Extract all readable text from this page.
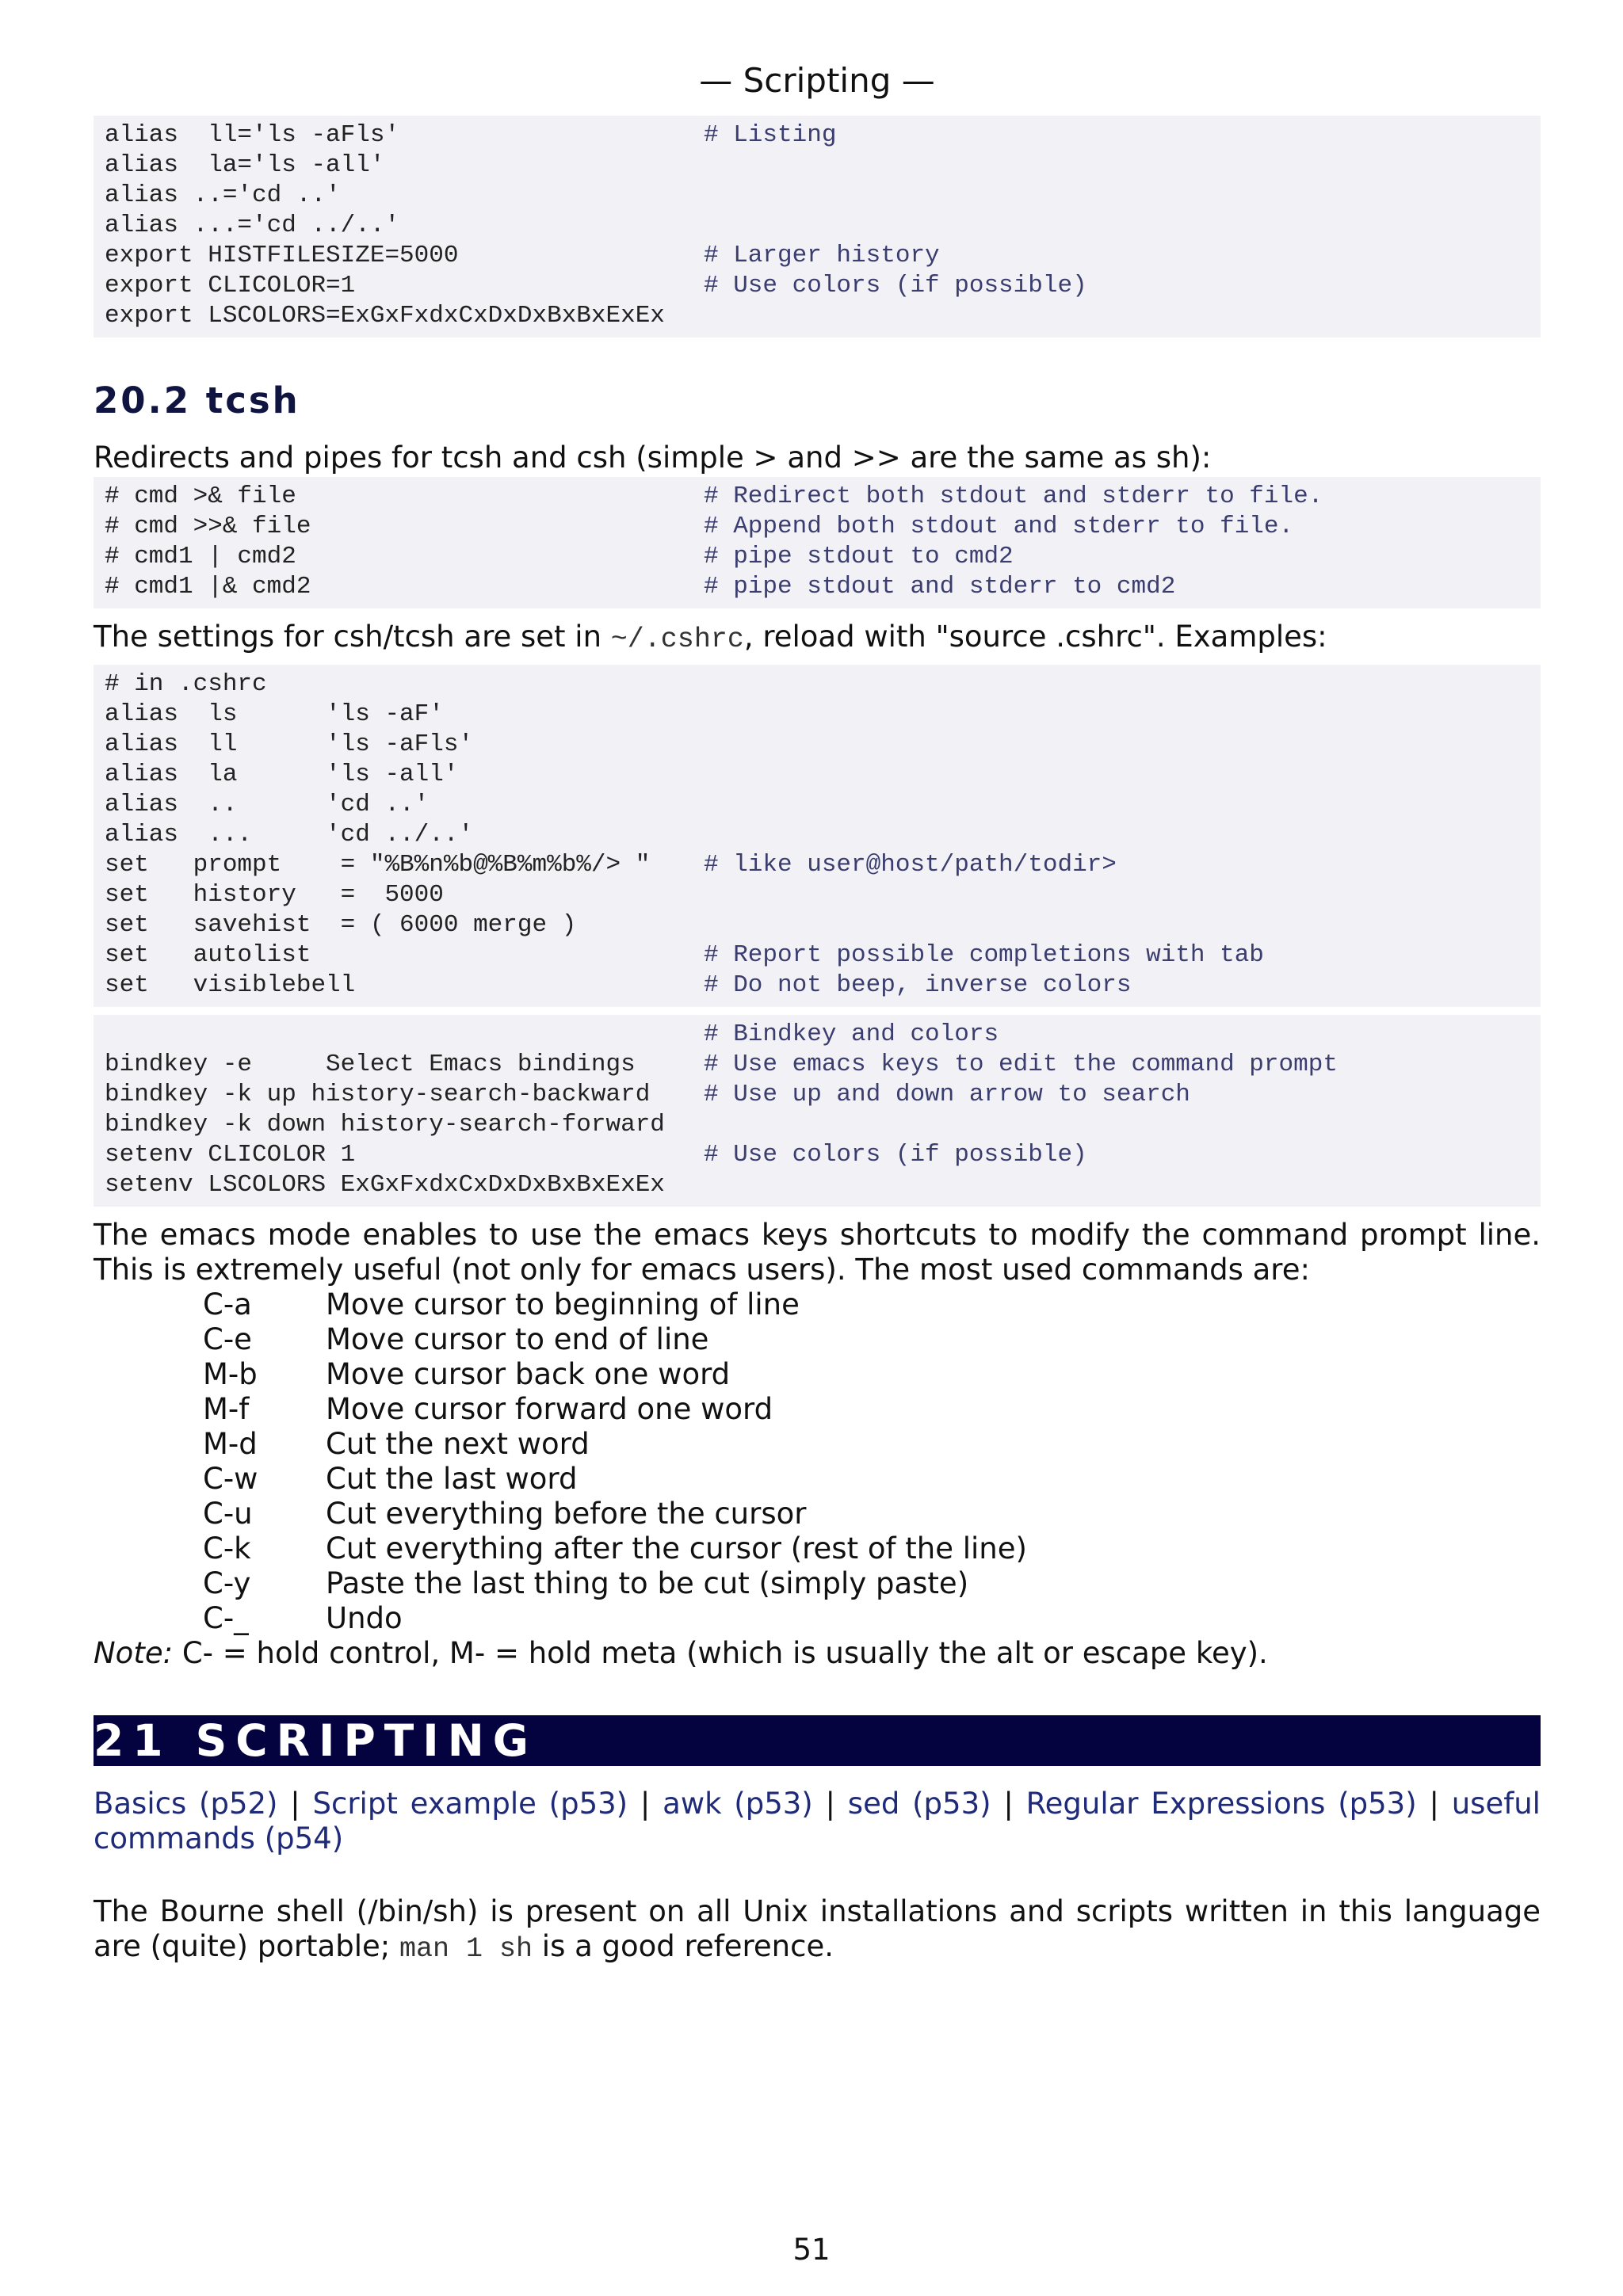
— Scripting —
alias  ll='ls -aFls'	# Listing
alias  la='ls -all'
alias ..='cd ..'
alias ...='cd ../..'
export HISTFILESIZE=5000	# Larger history
export CLICOLOR=1	# Use colors (if possible)
export LSCOLORS=ExGxFxdxCxDxDxBxBxExEx
20.2 tcsh

Redirects and pipes for tcsh and csh (simple > and >> are the same as sh):

# cmd >& file	# Redirect both stdout and stderr to file.
# cmd >>& file	# Append both stdout and stderr to file.
# cmd1 | cmd2	# pipe stdout to cmd2
# cmd1 |& cmd2	# pipe stdout and stderr to cmd2

The settings for csh/tcsh are set in ~/.cshrc, reload with "source .cshrc". Examples:

# in .cshrc
alias  ls      'ls -aF'
alias  ll      'ls -aFls'
alias  la      'ls -all'
alias  ..      'cd ..'
alias  ...     'cd ../..'
set   prompt    = "%B%n%b@%B%m%b%/> " # like user@host/path/todir>
set   history   =  5000
set   savehist  = ( 6000 merge )
set   autolist	# Report possible completions with tab
set   visiblebell	# Do not beep, inverse colors
# Bindkey and colors
bindkey -e     Select Emacs bindings	# Use emacs keys to edit the command prompt
bindkey -k up history-search-backward # Use up and down arrow to search
bindkey -k down history-search-forward
setenv CLICOLOR 1	# Use colors (if possible)
setenv LSCOLORS ExGxFxdxCxDxDxBxBxExEx

The emacs mode enables to use the emacs keys shortcuts to modify the command prompt line. This is extremely useful (not only for emacs users). The most used commands are:

C-a	Move cursor to beginning of line
C-e	Move cursor to end of line
M-b Move cursor back one word
M-f	Move cursor forward one word
M-d Cut the next word
C-w Cut the last word
C-u Cut everything before the cursor
C-k	Cut everything after the cursor (rest of the line)
C-y	Paste the last thing to be cut (simply paste)
C-_	Undo

Note: C- = hold control, M- = hold meta (which is usually the alt or escape key).

21 SCRIPTING
Basics (p52) | Script example (p53) | awk (p53) | sed (p53) | Regular Expressions (p53) | useful commands (p54)

The Bourne shell (/bin/sh) is present on all Unix installations and scripts written in this language are (quite) portable; man 1 sh is a good reference.

51
